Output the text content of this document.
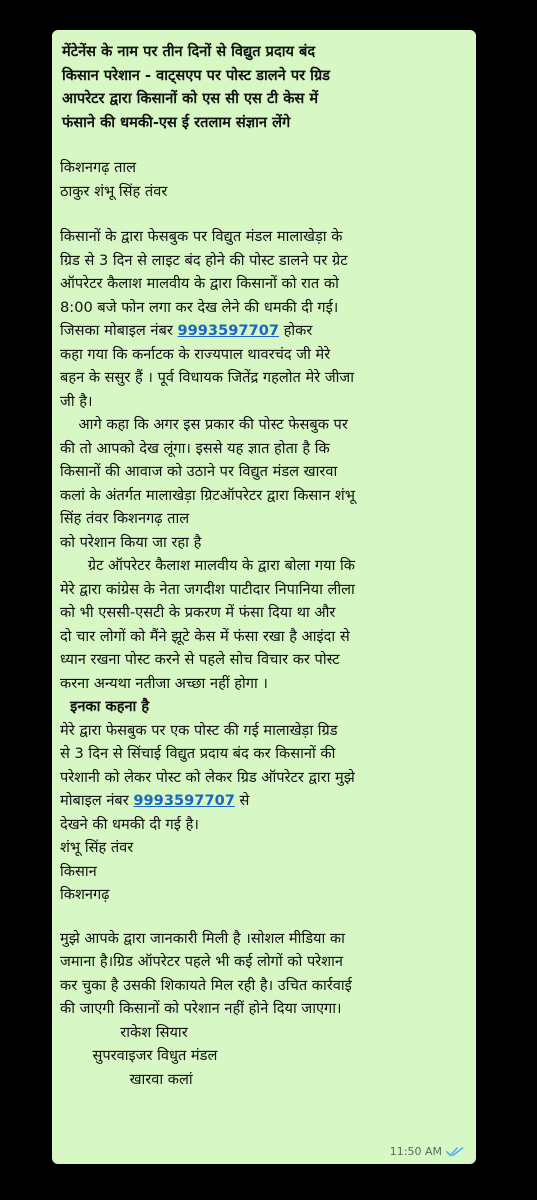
मेंटेनेंस के नाम पर तीन दिनों से विद्युत प्रदाय बंद
किसान परेशान - वाट्सएप पर पोस्ट डालने पर ग्रिड
आपरेटर द्वारा किसानों को एस सी एस टी केस में
फंसाने की धमकी-एस ई रतलाम संज्ञान लेंगे
किशनगढ़ ताल
ठाकुर शंभू सिंह तंवर
किसानों के द्वारा फेसबुक पर विद्युत मंडल मालाखेड़ा के
ग्रिड से 3 दिन से लाइट बंद होने की पोस्ट डालने पर ग्रेट
ऑपरेटर कैलाश मालवीय के द्वारा किसानों को रात को
8:00 बजे फोन लगा कर देख लेने की धमकी दी गई।
जिसका मोबाइल नंबर 9993597707 होकर
कहा गया कि कर्नाटक के राज्यपाल थावरचंद जी मेरे
बहन के ससुर हैं । पूर्व विधायक जितेंद्र गहलोत मेरे जीजा
जी है।
आगे कहा कि अगर इस प्रकार की पोस्ट फेसबुक पर
की तो आपको देख लूंगा। इससे यह ज्ञात होता है कि
किसानों की आवाज को उठाने पर विद्युत मंडल खारवा
कलां के अंतर्गत मालाखेड़ा ग्रिटऑपरेटर द्वारा किसान शंभू
सिंह तंवर किशनगढ़ ताल
को परेशान किया जा रहा है
ग्रेट ऑपरेटर कैलाश मालवीय के द्वारा बोला गया कि
मेरे द्वारा कांग्रेस के नेता जगदीश पाटीदार निपानिया लीला
को भी एससी-एसटी के प्रकरण में फंसा दिया था और
दो चार लोगों को मैंने झूटे केस में फंसा रखा है आइंदा से
ध्यान रखना पोस्ट करने से पहले सोच विचार कर पोस्ट
करना अन्यथा नतीजा अच्छा नहीं होगा ।
इनका कहना है
मेरे द्वारा फेसबुक पर एक पोस्ट की गई मालाखेड़ा ग्रिड
से 3 दिन से सिंचाई विद्युत प्रदाय बंद कर किसानों की
परेशानी को लेकर पोस्ट को लेकर ग्रिड ऑपरेटर द्वारा मुझे
मोबाइल नंबर 9993597707 से
देखने की धमकी दी गई है।
शंभू सिंह तंवर
किसान
किशनगढ़
मुझे आपके द्वारा जानकारी मिली है ।सोशल मीडिया का
जमाना है।ग्रिड ऑपरेटर पहले भी कई लोगों को परेशान
कर चुका है उसकी शिकायते मिल रही है। उचित कार्रवाई
की जाएगी किसानों को परेशान नहीं होने दिया जाएगा।
राकेश सियार
सुपरवाइजर विधुत मंडल
खारवा कलां
11:50 AM
